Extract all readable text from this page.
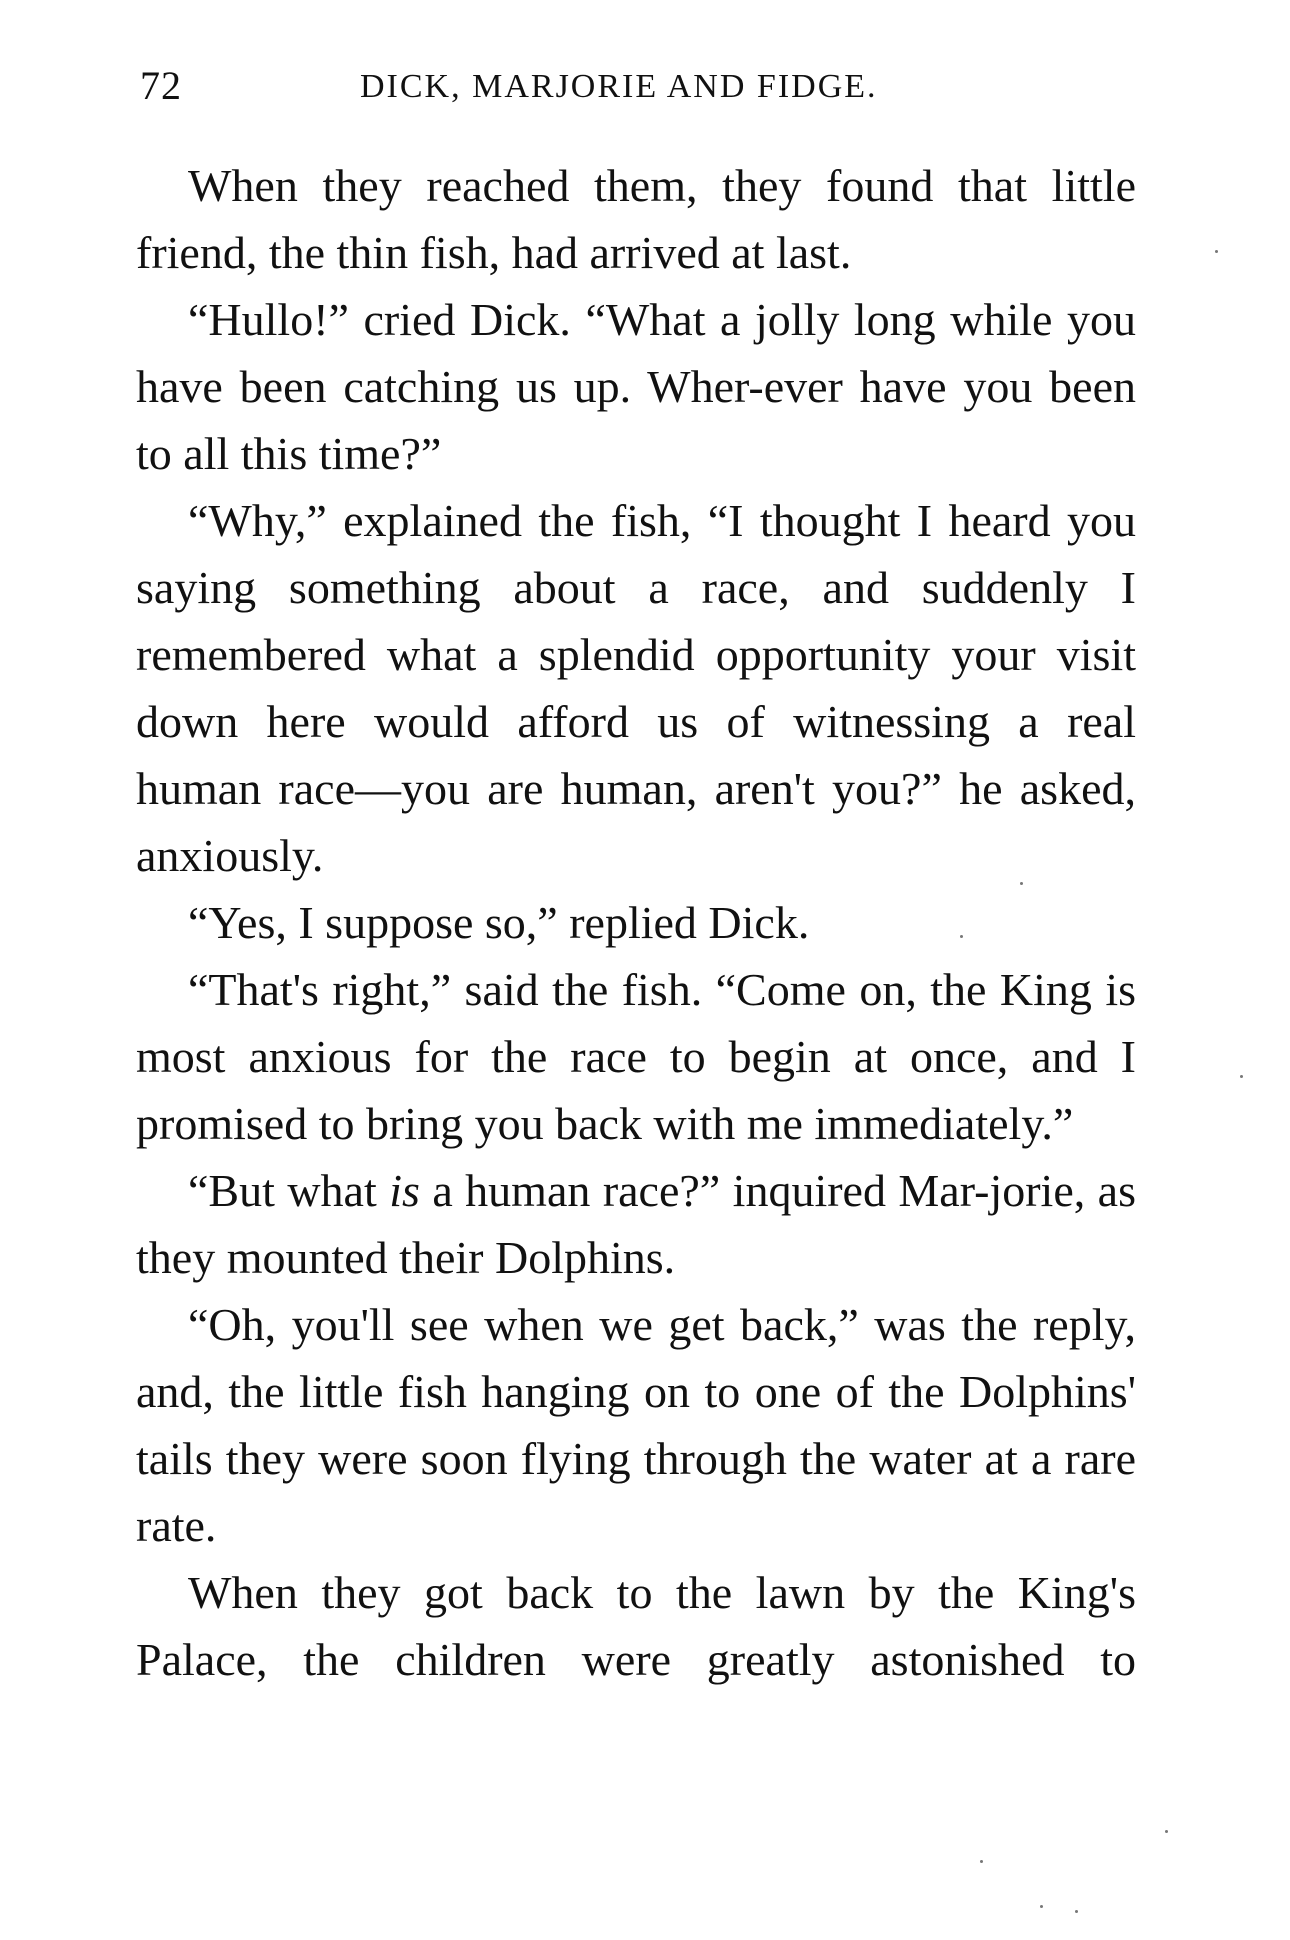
72	DICK, MARJORIE AND FIDGE.

When they reached them, they found that little friend, the thin fish, had arrived at last.

“Hullo!” cried Dick. “What a jolly long while you have been catching us up. Wher-ever have you been to all this time?”

“Why,” explained the fish, “I thought I heard you saying something about a race, and suddenly I remembered what a splendid opportunity your visit down here would afford us of witnessing a real human race—you are human, aren't you?” he asked, anxiously.

“Yes, I suppose so,” replied Dick.

“That's right,” said the fish. “Come on, the King is most anxious for the race to begin at once, and I promised to bring you back with me immediately.”

“But what is a human race?” inquired Mar-jorie, as they mounted their Dolphins.

“Oh, you'll see when we get back,” was the reply, and, the little fish hanging on to one of the Dolphins' tails they were soon flying through the water at a rare rate.

When they got back to the lawn by the King's Palace, the children were greatly astonished to
